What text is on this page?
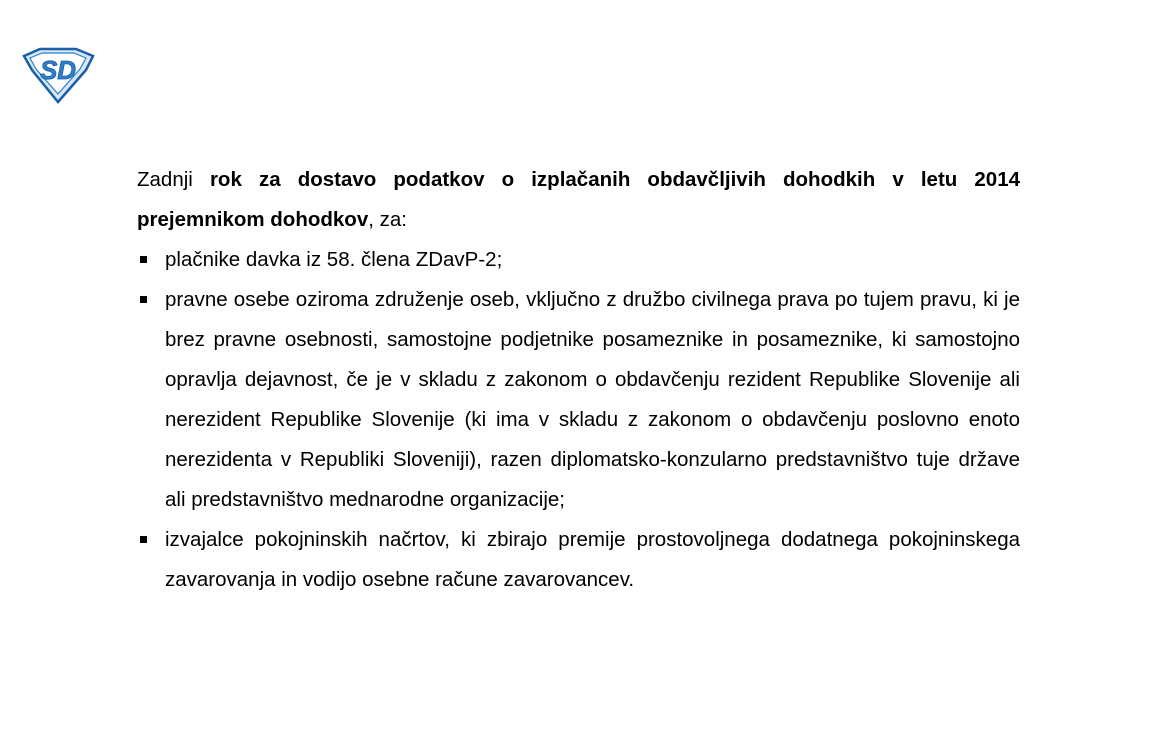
SD

Zadnji rok za dostavo podatkov o izplačanih obdavčljivih dohodkih v letu 2014 prejemnikom dohodkov, za:

plačnike davka iz 58. člena ZDavP-2;
pravne osebe oziroma združenje oseb, vključno z družbo civilnega prava po tujem pravu, ki je brez pravne osebnosti, samostojne podjetnike posameznike in posameznike, ki samostojno opravlja dejavnost, če je v skladu z zakonom o obdavčenju rezident Republike Slovenije ali nerezident Republike Slovenije (ki ima v skladu z zakonom o obdavčenju poslovno enoto nerezidenta v Republiki Sloveniji), razen diplomatsko-konzularno predstavništvo tuje države ali predstavništvo mednarodne organizacije;
izvajalce pokojninskih načrtov, ki zbirajo premije prostovoljnega dodatnega pokojninskega zavarovanja in vodijo osebne račune zavarovancev.
